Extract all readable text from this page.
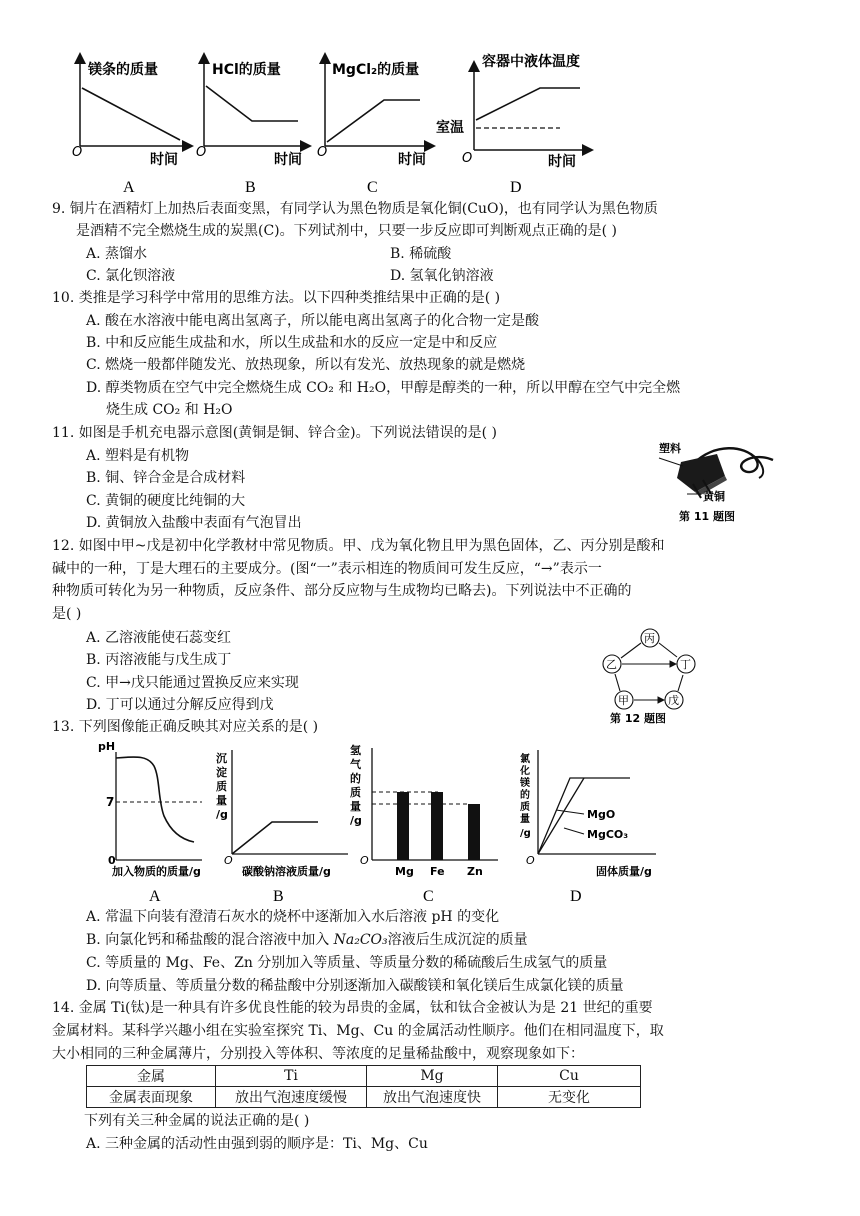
镁条的质量
时间
O
A
HCl的质量
时间
O
B
MgCl₂的质量
时间
O
C
容器中液体温度
室温
时间
O
D
9. 铜片在酒精灯上加热后表面变黑，有同学认为黑色物质是氧化铜(CuO)，也有同学认为黑色物质
是酒精不完全燃烧生成的炭黑(C)。下列试剂中，只要一步反应即可判断观点正确的是( )
A. 蒸馏水	B. 稀硫酸
C. 氯化钡溶液	D. 氢氧化钠溶液
10. 类推是学习科学中常用的思维方法。以下四种类推结果中正确的是( )
A. 酸在水溶液中能电离出氢离子，所以能电离出氢离子的化合物一定是酸
B. 中和反应能生成盐和水，所以生成盐和水的反应一定是中和反应
C. 燃烧一般都伴随发光、放热现象，所以有发光、放热现象的就是燃烧
D. 醇类物质在空气中完全燃烧生成 CO₂ 和 H₂O，甲醇是醇类的一种，所以甲醇在空气中完全燃
烧生成 CO₂ 和 H₂O
11. 如图是手机充电器示意图(黄铜是铜、锌合金)。下列说法错误的是( )
A. 塑料是有机物
B. 铜、锌合金是合成材料
C. 黄铜的硬度比纯铜的大
D. 黄铜放入盐酸中表面有气泡冒出
塑料
黄铜
第 11 题图
12. 如图中甲~戊是初中化学教材中常见物质。甲、戊为氧化物且甲为黑色固体，乙、丙分别是酸和
碱中的一种，丁是大理石的主要成分。(图“一”表示相连的物质间可发生反应，“→”表示一
种物质可转化为另一种物质，反应条件、部分反应物与生成物均已略去)。下列说法中不正确的
是( )
A. 乙溶液能使石蕊变红
B. 丙溶液能与戊生成丁
C. 甲→戊只能通过置换反应来实现
D. 丁可以通过分解反应得到戊
丙
乙	丁
甲	戊
第 12 题图
13. 下列图像能正确反映其对应关系的是( )
pH
7
0
加入物质的质量/g
A
沉
淀
质
量
/g
O
碳酸钠溶液质量/g
B
氢
气
的
质
量
/g
O
Mg Fe Zn
C
氯
化
镁
的
质
量
/g
MgO
MgCO₃
O
固体质量/g
D
A. 常温下向装有澄清石灰水的烧杯中逐渐加入水后溶液 pH 的变化
B. 向氯化钙和稀盐酸的混合溶液中加入 Na₂CO₃溶液后生成沉淀的质量
C. 等质量的 Mg、Fe、Zn 分别加入等质量、等质量分数的稀硫酸后生成氢气的质量
D. 向等质量、等质量分数的稀盐酸中分别逐渐加入碳酸镁和氧化镁后生成氯化镁的质量
14. 金属 Ti(钛)是一种具有许多优良性能的较为昂贵的金属，钛和钛合金被认为是 21 世纪的重要
金属材料。某科学兴趣小组在实验室探究 Ti、Mg、Cu 的金属活动性顺序。他们在相同温度下，取
大小相同的三种金属薄片，分别投入等体积、等浓度的足量稀盐酸中，观察现象如下：
金属	Ti	Mg	Cu
金属表面现象	放出气泡速度缓慢	放出气泡速度快	无变化
下列有关三种金属的说法正确的是( )
A. 三种金属的活动性由强到弱的顺序是：Ti、Mg、Cu
